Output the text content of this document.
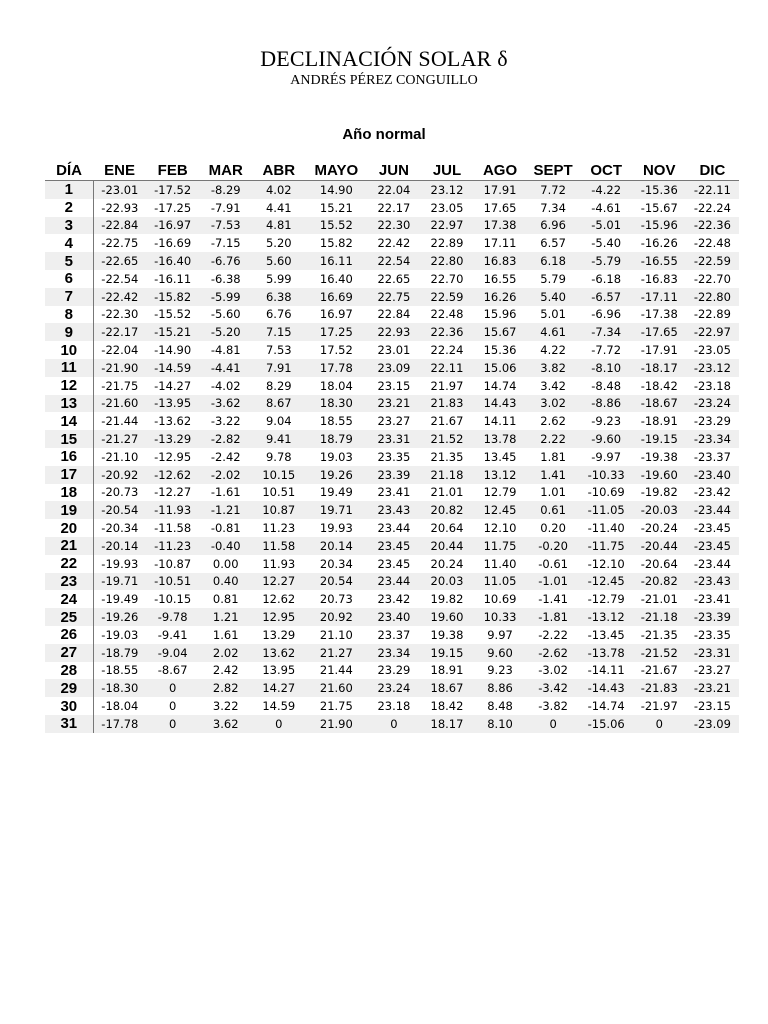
DECLINACIÓN SOLAR δ
ANDRÉS PÉREZ CONGUILLO
Año normal
DÍA	ENE	FEB	MAR	ABR	MAYO	JUN	JUL	AGO	SEPT	OCT	NOV	DIC
1	-23.01	-17.52	-8.29	4.02	14.90	22.04	23.12	17.91	7.72	-4.22	-15.36	-22.11
2	-22.93	-17.25	-7.91	4.41	15.21	22.17	23.05	17.65	7.34	-4.61	-15.67	-22.24
3	-22.84	-16.97	-7.53	4.81	15.52	22.30	22.97	17.38	6.96	-5.01	-15.96	-22.36
4	-22.75	-16.69	-7.15	5.20	15.82	22.42	22.89	17.11	6.57	-5.40	-16.26	-22.48
5	-22.65	-16.40	-6.76	5.60	16.11	22.54	22.80	16.83	6.18	-5.79	-16.55	-22.59
6	-22.54	-16.11	-6.38	5.99	16.40	22.65	22.70	16.55	5.79	-6.18	-16.83	-22.70
7	-22.42	-15.82	-5.99	6.38	16.69	22.75	22.59	16.26	5.40	-6.57	-17.11	-22.80
8	-22.30	-15.52	-5.60	6.76	16.97	22.84	22.48	15.96	5.01	-6.96	-17.38	-22.89
9	-22.17	-15.21	-5.20	7.15	17.25	22.93	22.36	15.67	4.61	-7.34	-17.65	-22.97
10	-22.04	-14.90	-4.81	7.53	17.52	23.01	22.24	15.36	4.22	-7.72	-17.91	-23.05
11	-21.90	-14.59	-4.41	7.91	17.78	23.09	22.11	15.06	3.82	-8.10	-18.17	-23.12
12	-21.75	-14.27	-4.02	8.29	18.04	23.15	21.97	14.74	3.42	-8.48	-18.42	-23.18
13	-21.60	-13.95	-3.62	8.67	18.30	23.21	21.83	14.43	3.02	-8.86	-18.67	-23.24
14	-21.44	-13.62	-3.22	9.04	18.55	23.27	21.67	14.11	2.62	-9.23	-18.91	-23.29
15	-21.27	-13.29	-2.82	9.41	18.79	23.31	21.52	13.78	2.22	-9.60	-19.15	-23.34
16	-21.10	-12.95	-2.42	9.78	19.03	23.35	21.35	13.45	1.81	-9.97	-19.38	-23.37
17	-20.92	-12.62	-2.02	10.15	19.26	23.39	21.18	13.12	1.41	-10.33	-19.60	-23.40
18	-20.73	-12.27	-1.61	10.51	19.49	23.41	21.01	12.79	1.01	-10.69	-19.82	-23.42
19	-20.54	-11.93	-1.21	10.87	19.71	23.43	20.82	12.45	0.61	-11.05	-20.03	-23.44
20	-20.34	-11.58	-0.81	11.23	19.93	23.44	20.64	12.10	0.20	-11.40	-20.24	-23.45
21	-20.14	-11.23	-0.40	11.58	20.14	23.45	20.44	11.75	-0.20	-11.75	-20.44	-23.45
22	-19.93	-10.87	0.00	11.93	20.34	23.45	20.24	11.40	-0.61	-12.10	-20.64	-23.44
23	-19.71	-10.51	0.40	12.27	20.54	23.44	20.03	11.05	-1.01	-12.45	-20.82	-23.43
24	-19.49	-10.15	0.81	12.62	20.73	23.42	19.82	10.69	-1.41	-12.79	-21.01	-23.41
25	-19.26	-9.78	1.21	12.95	20.92	23.40	19.60	10.33	-1.81	-13.12	-21.18	-23.39
26	-19.03	-9.41	1.61	13.29	21.10	23.37	19.38	9.97	-2.22	-13.45	-21.35	-23.35
27	-18.79	-9.04	2.02	13.62	21.27	23.34	19.15	9.60	-2.62	-13.78	-21.52	-23.31
28	-18.55	-8.67	2.42	13.95	21.44	23.29	18.91	9.23	-3.02	-14.11	-21.67	-23.27
29	-18.30	0	2.82	14.27	21.60	23.24	18.67	8.86	-3.42	-14.43	-21.83	-23.21
30	-18.04	0	3.22	14.59	21.75	23.18	18.42	8.48	-3.82	-14.74	-21.97	-23.15
31	-17.78	0	3.62	0	21.90	0	18.17	8.10	0	-15.06	0	-23.09
